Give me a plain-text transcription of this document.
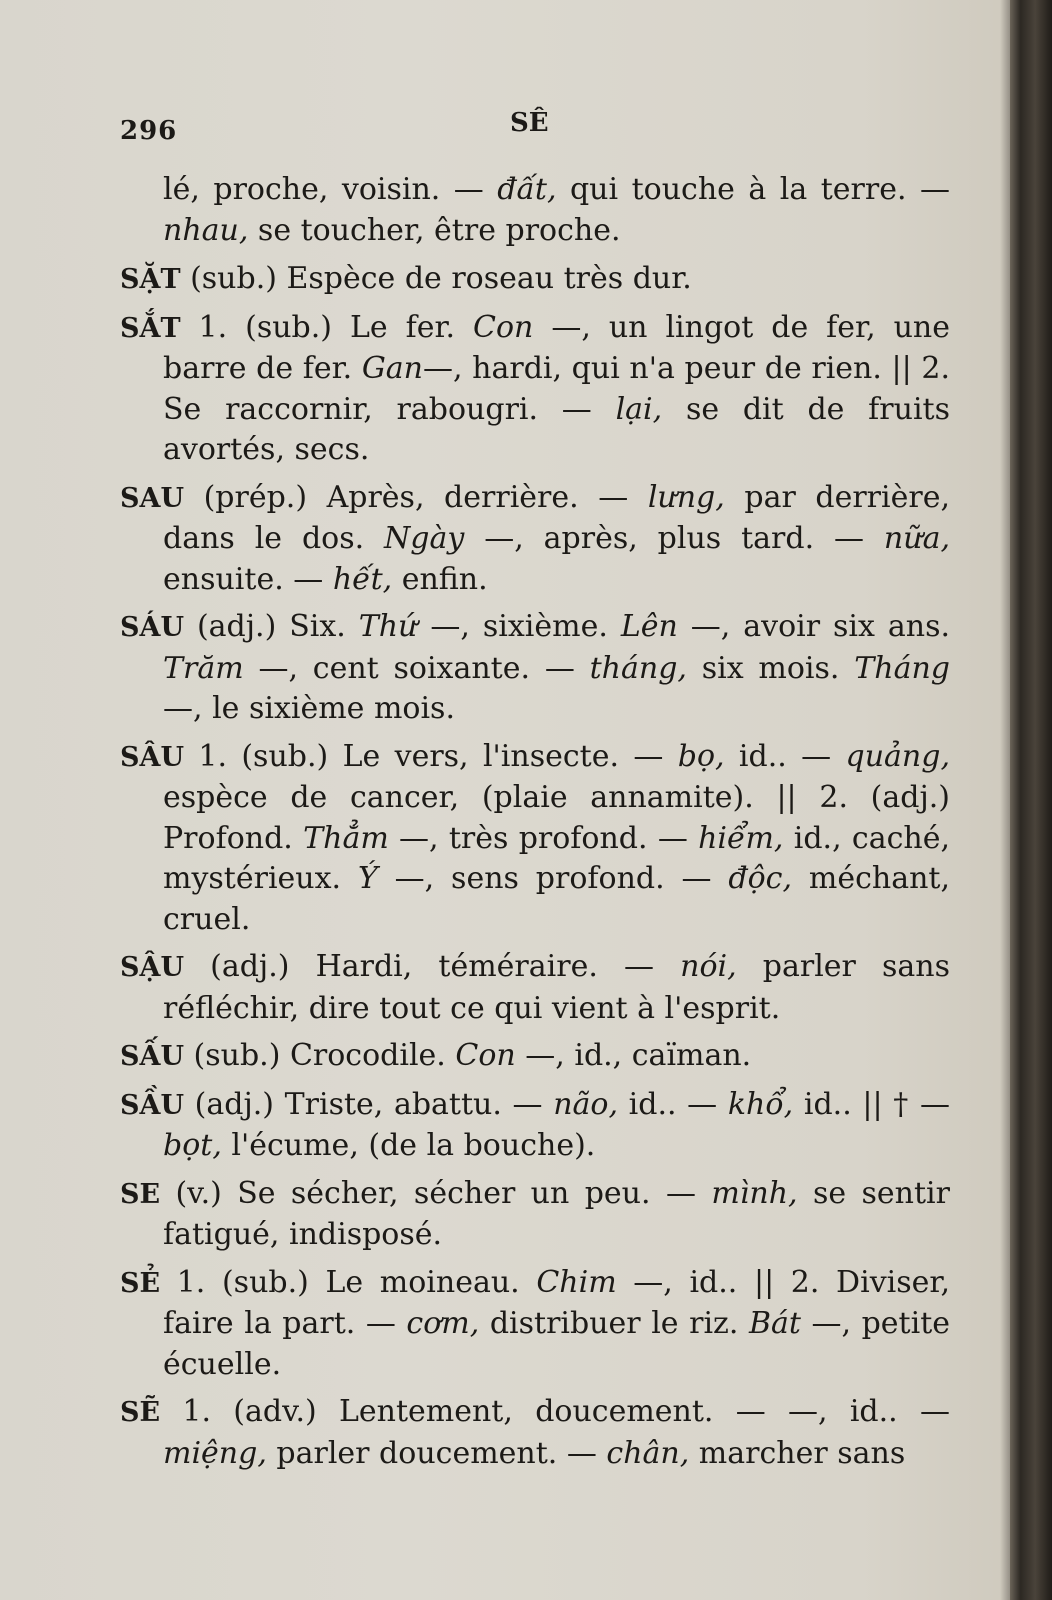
296	SÊ

lé, proche, voisin. — đất, qui touche à la terre. — nhau, se toucher, être proche.

SẶT (sub.) Espèce de roseau très dur.

SẮT 1. (sub.) Le fer. Con —, un lingot de fer, une barre de fer. Gan—, hardi, qui n'a peur de rien. || 2. Se raccornir, rabougri. — lại, se dit de fruits avortés, secs.

SAU (prép.) Après, derrière. — lưng, par derrière, dans le dos. Ngày —, après, plus tard. — nữa, ensuite. — hết, enfin.

SÁU (adj.) Six. Thứ —, sixième. Lên —, avoir six ans. Trăm —, cent soixante. — tháng, six mois. Tháng —, le sixième mois.

SÂU 1. (sub.) Le vers, l'insecte. — bọ, id.. — quảng, espèce de cancer, (plaie annamite). || 2. (adj.) Profond. Thẳm —, très profond. — hiểm, id., caché, mystérieux. Ý —, sens profond. — độc, méchant, cruel.

SẬU (adj.) Hardi, téméraire. — nói, parler sans réfléchir, dire tout ce qui vient à l'esprit.

SẤU (sub.) Crocodile. Con —, id., caïman.

SẦU (adj.) Triste, abattu. — não, id.. — khổ, id.. || † — bọt, l'écume, (de la bouche).

SE (v.) Se sécher, sécher un peu. — mình, se sentir fatigué, indisposé.

SẺ 1. (sub.) Le moineau. Chim —, id.. || 2. Diviser, faire la part. — cơm, distribuer le riz. Bát —, petite écuelle.

SẼ 1. (adv.) Lentement, doucement. — —, id.. — miệng, parler doucement. — chân, marcher sans
